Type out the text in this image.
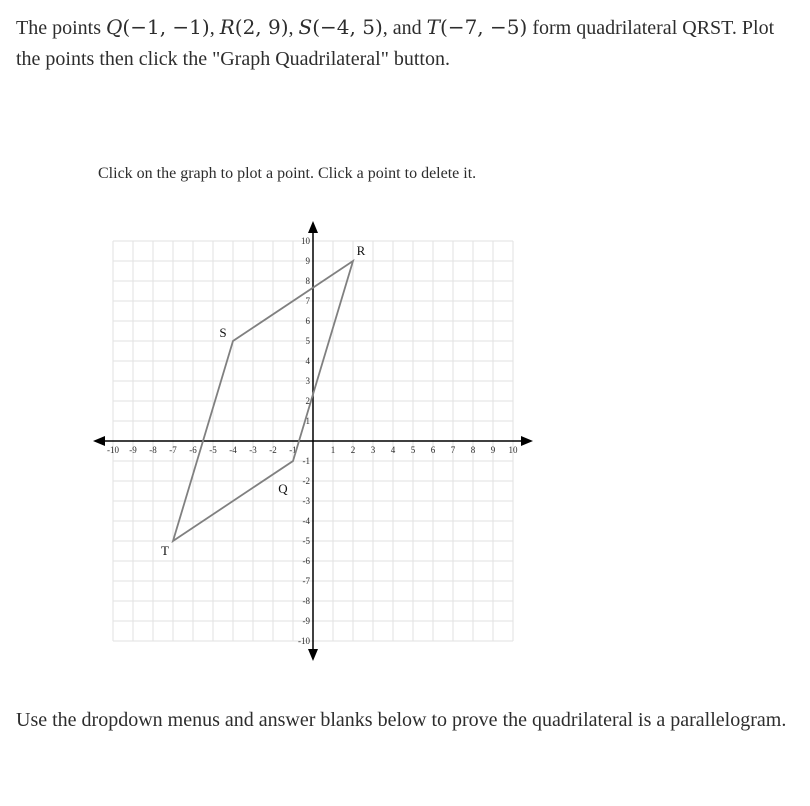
The points Q(−1, −1), R(2, 9), S(−4, 5), and T(−7, −5) form quadrilateral QRST. Plot the points then click the "Graph Quadrilateral" button.

Click on the graph to plot a point. Click a point to delete it.
-10 -9 -8 -7 -6 -5 -4 -3 -2 -1	1 2 3 4 5 6 7 8 9 10
10
9
8
7
6
5
4
3
2
1
-1
-2
-3
-4
-5
-6
-7
-8
-9
-10
Q
R
S
T

Use the dropdown menus and answer blanks below to prove the quadrilateral is a parallelogram.
